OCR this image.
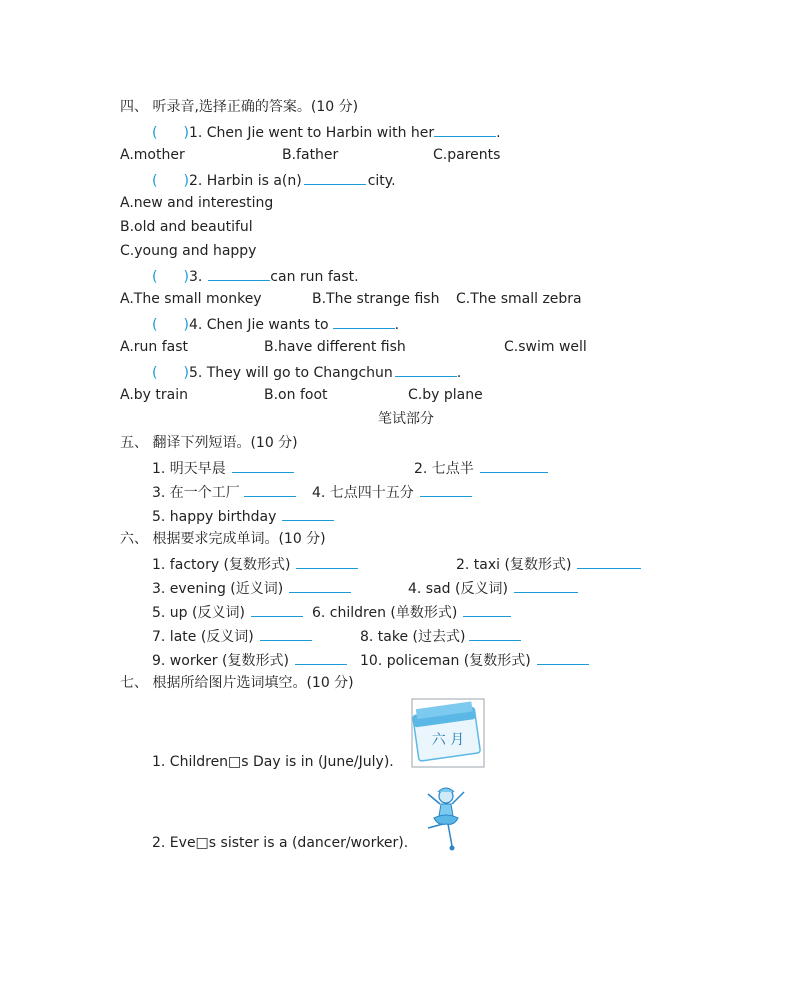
四、 听录音,选择正确的答案。(10 分)
( )1. Chen Jie went to Harbin with her	.
A.mother	B.father	C.parents
( )2. Harbin is a(n)	city.
A.new and interesting
B.old and beautiful
C.young and happy
( )3.	can run fast.
A.The small monkey	B.The strange fish C.The small zebra
( )4. Chen Jie wants to	.
A.run fast	B.have different fish	C.swim well
( )5. They will go to Changchun	.
A.by train	B.on foot	C.by plane
笔试部分
五、 翻译下列短语。(10 分)
1. 明天早晨	2. 七点半
3. 在一个工厂	4. 七点四十五分
5. happy birthday
六、 根据要求完成单词。(10 分)
1. factory (复数形式)	2. taxi (复数形式)
3. evening (近义词)	4. sad (反义词)
5. up (反义词)	6. children (单数形式)
7. late (反义词)	8. take (过去式)
9. worker (复数形式)	10. policeman (复数形式)
七、 根据所给图片选词填空。(10 分)
六 月
1. Children□s Day is in (June/July).
2. Eve□s sister is a (dancer/worker).
